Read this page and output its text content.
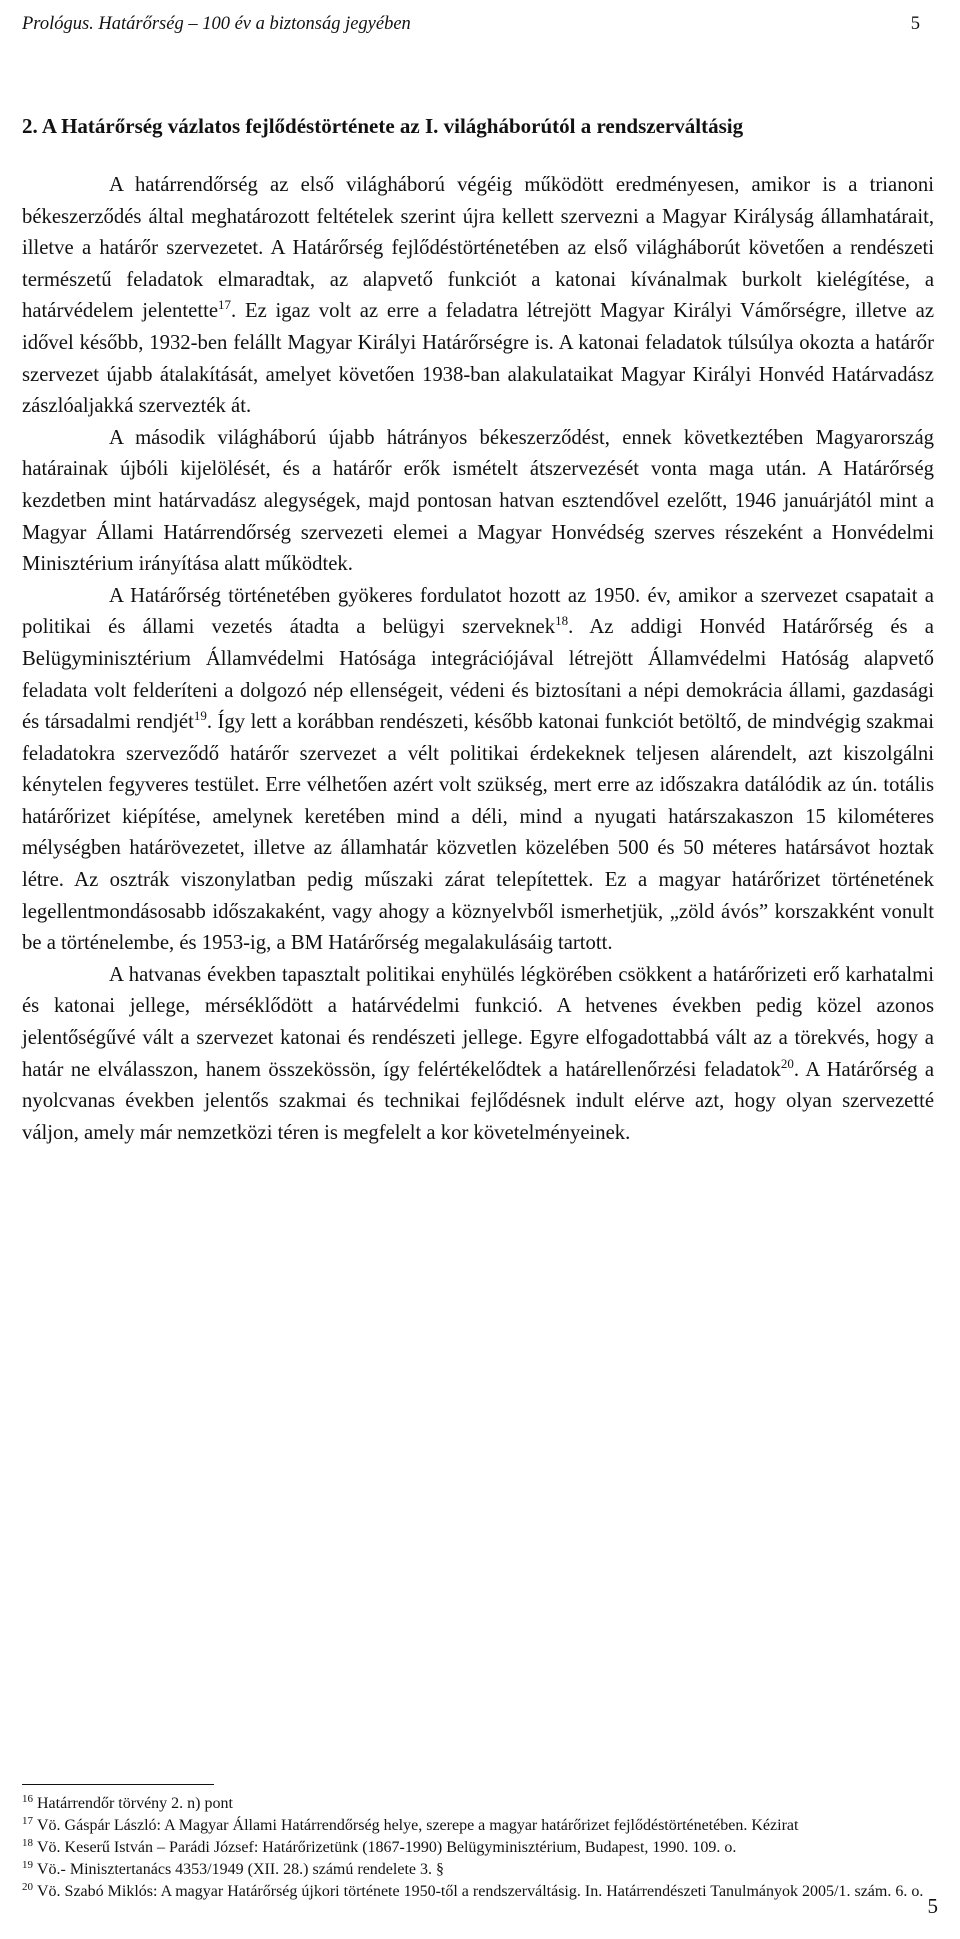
Prológus. Határőrség – 100 év a biztonság jegyében	5
2. A Határőrség vázlatos fejlődéstörténete az I. világháborútól a rendszerváltásig

A határrendőrség az első világháború végéig működött eredményesen, amikor is a trianoni békeszerződés által meghatározott feltételek szerint újra kellett szervezni a Magyar Királyság államhatárait, illetve a határőr szervezetet. A Határőrség fejlődéstörténetében az első világháborút követően a rendészeti természetű feladatok elmaradtak, az alapvető funkciót a katonai kívánalmak burkolt kielégítése, a határvédelem jelentette$^{17}$. Ez igaz volt az erre a feladatra létrejött Magyar Királyi Vámőrségre, illetve az idővel később, 1932-ben felállt Magyar Királyi Határőrségre is. A katonai feladatok túlsúlya okozta a határőr szervezet újabb átalakítását, amelyet követően 1938-ban alakulataikat Magyar Királyi Honvéd Határvadász zászlóaljakká szervezték át.

A második világháború újabb hátrányos békeszerződést, ennek következtében Magyarország határainak újbóli kijelölését, és a határőr erők ismételt átszervezését vonta maga után. A Határőrség kezdetben mint határvadász alegységek, majd pontosan hatvan esztendővel ezelőtt, 1946 januárjától mint a Magyar Állami Határrendőrség szervezeti elemei a Magyar Honvédség szerves részeként a Honvédelmi Minisztérium irányítása alatt működtek.

A Határőrség történetében gyökeres fordulatot hozott az 1950. év, amikor a szervezet csapatait a politikai és állami vezetés átadta a belügyi szerveknek$^{18}$. Az addigi Honvéd Határőrség és a Belügyminisztérium Államvédelmi Hatósága integrációjával létrejött Államvédelmi Hatóság alapvető feladata volt felderíteni a dolgozó nép ellenségeit, védeni és biztosítani a népi demokrácia állami, gazdasági és társadalmi rendjét$^{19}$. Így lett a korábban rendészeti, később katonai funkciót betöltő, de mindvégig szakmai feladatokra szerveződő határőr szervezet a vélt politikai érdekeknek teljesen alárendelt, azt kiszolgálni kénytelen fegyveres testület. Erre vélhetően azért volt szükség, mert erre az időszakra datálódik az ún. totális határőrizet kiépítése, amelynek keretében mind a déli, mind a nyugati határszakaszon 15 kilométeres mélységben határövezetet, illetve az államhatár közvetlen közelében 500 és 50 méteres határsávot hoztak létre. Az osztrák viszonylatban pedig műszaki zárat telepítettek. Ez a magyar határőrizet történetének legellentmondásosabb időszakaként, vagy ahogy a köznyelvből ismerhetjük, „zöld ávós” korszakként vonult be a történelembe, és 1953-ig, a BM Határőrség megalakulásáig tartott.

A hatvanas években tapasztalt politikai enyhülés légkörében csökkent a határőrizeti erő karhatalmi és katonai jellege, mérséklődött a határvédelmi funkció. A hetvenes években pedig közel azonos jelentőségűvé vált a szervezet katonai és rendészeti jellege. Egyre elfogadottabbá vált az a törekvés, hogy a határ ne elválasszon, hanem összekössön, így felértékelődtek a határellenőrzési feladatok$^{20}$. A Határőrség a nyolcvanas években jelentős szakmai és technikai fejlődésnek indult elérve azt, hogy olyan szervezetté váljon, amely már nemzetközi téren is megfelelt a kor követelményeinek.

$^{16}$ Határrendőr törvény 2. n) pont
$^{17}$ Vö. Gáspár László: A Magyar Állami Határrendőrség helye, szerepe a magyar határőrizet fejlődéstörténetében. Kézirat
$^{18}$ Vö. Keserű István – Parádi József: Határőrizetünk (1867-1990) Belügyminisztérium, Budapest, 1990. 109. o.
$^{19}$ Vö.- Minisztertanács 4353/1949 (XII. 28.) számú rendelete 3. §
$^{20}$ Vö. Szabó Miklós: A magyar Határőrség újkori története 1950-től a rendszerváltásig. In. Határrendészeti Tanulmányok 2005/1. szám. 6. o.
5
